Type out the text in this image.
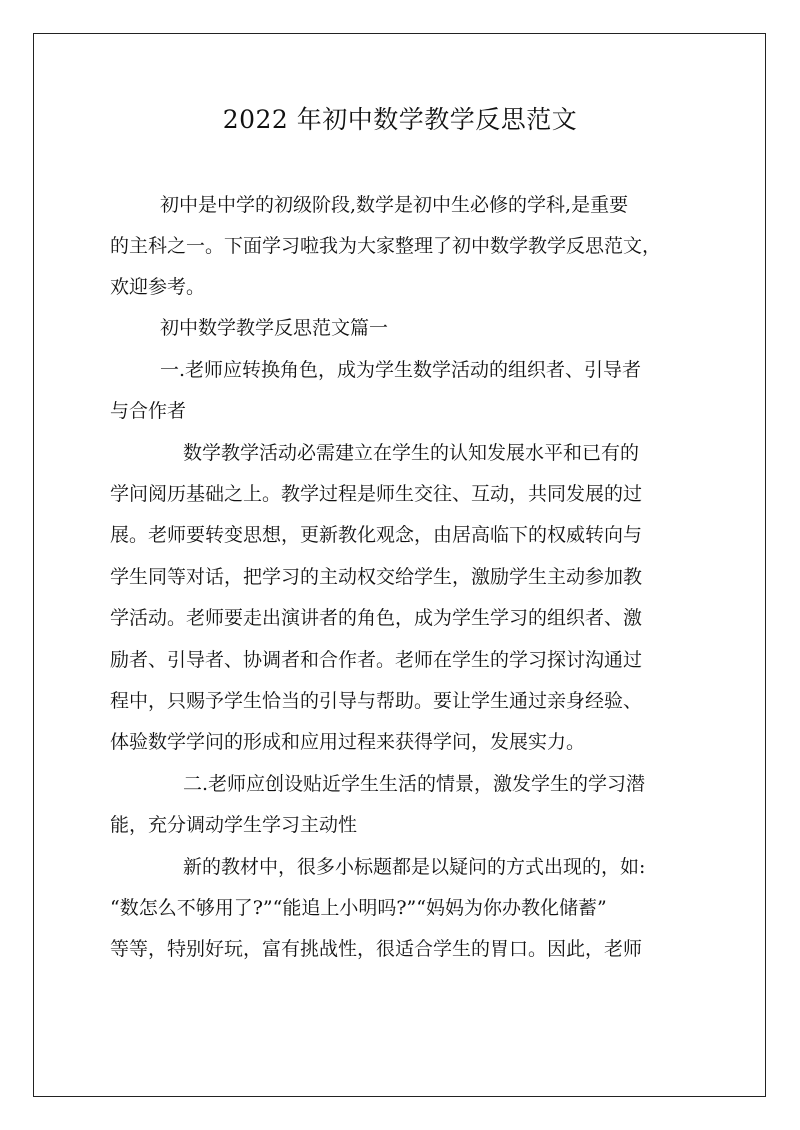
2022 年初中数学教学反思范文
初中是中学的初级阶段,数学是初中生必修的学科,是重要
的主科之一。下面学习啦我为大家整理了初中数学教学反思范文，
欢迎参考。
初中数学教学反思范文篇一
一.老师应转换角色，成为学生数学活动的组织者、引导者
与合作者
数学教学活动必需建立在学生的认知发展水平和已有的
学问阅历基础之上。教学过程是师生交往、互动，共同发展的过
展。老师要转变思想，更新教化观念，由居高临下的权威转向与
学生同等对话，把学习的主动权交给学生，激励学生主动参加教
学活动。老师要走出演讲者的角色，成为学生学习的组织者、激
励者、引导者、协调者和合作者。老师在学生的学习探讨沟通过
程中，只赐予学生恰当的引导与帮助。要让学生通过亲身经验、
体验数学学问的形成和应用过程来获得学问，发展实力。
二.老师应创设贴近学生生活的情景，激发学生的学习潜
能，充分调动学生学习主动性
新的教材中，很多小标题都是以疑问的方式出现的，如:
“数怎么不够用了?”“能追上小明吗?”“妈妈为你办教化储蓄”
等等，特别好玩，富有挑战性，很适合学生的胃口。因此，老师
